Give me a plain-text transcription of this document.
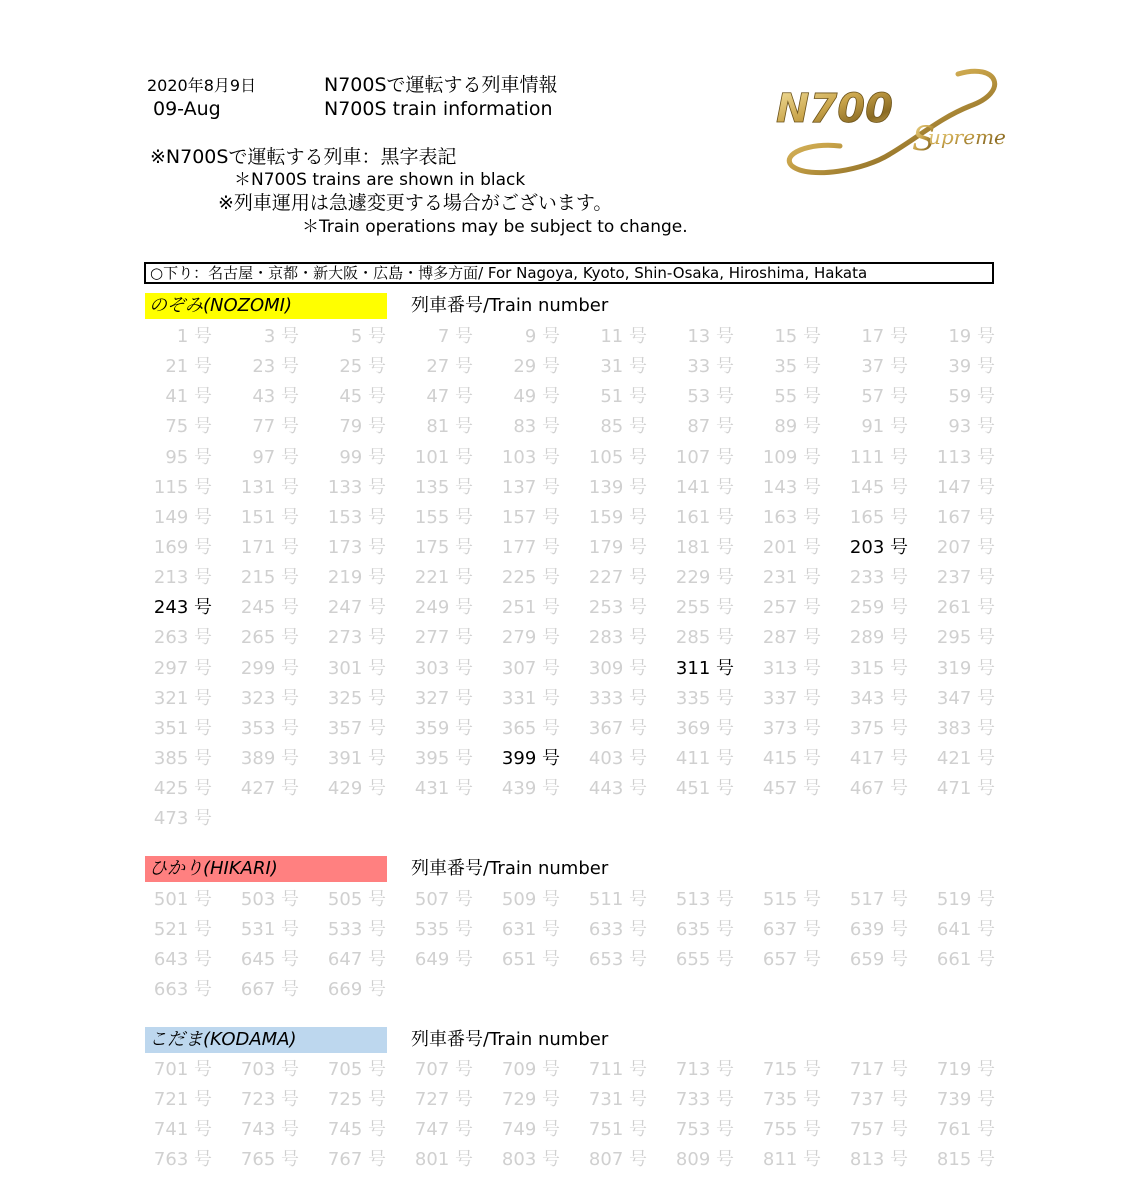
2020年8月9日
09-Aug
N700Sで運転する列車情報
N700S train information	N700
S
upreme
※N700Sで運転する列車：黒字表記
＊N700S trains are shown in black
※列車運用は急遽変更する場合がございます。
＊Train operations may be subject to change.
○下り：名古屋・京都・新大阪・広島・博多方面/ For Nagoya, Kyoto, Shin-Osaka, Hiroshima, Hakata
のぞみ(NOZOMI)	列車番号/Train number
1 号	3 号	5 号	7 号	9 号	11 号	13 号	15 号	17 号	19 号
21 号	23 号	25 号	27 号	29 号	31 号	33 号	35 号	37 号	39 号
41 号	43 号	45 号	47 号	49 号	51 号	53 号	55 号	57 号	59 号
75 号	77 号	79 号	81 号	83 号	85 号	87 号	89 号	91 号	93 号
95 号	97 号	99 号	101 号	103 号	105 号	107 号	109 号	111 号	113 号
115 号	131 号	133 号	135 号	137 号	139 号	141 号	143 号	145 号	147 号
149 号	151 号	153 号	155 号	157 号	159 号	161 号	163 号	165 号	167 号
169 号	171 号	173 号	175 号	177 号	179 号	181 号	201 号	203 号	207 号
213 号	215 号	219 号	221 号	225 号	227 号	229 号	231 号	233 号	237 号
243 号	245 号	247 号	249 号	251 号	253 号	255 号	257 号	259 号	261 号
263 号	265 号	273 号	277 号	279 号	283 号	285 号	287 号	289 号	295 号
297 号	299 号	301 号	303 号	307 号	309 号	311 号	313 号	315 号	319 号
321 号	323 号	325 号	327 号	331 号	333 号	335 号	337 号	343 号	347 号
351 号	353 号	357 号	359 号	365 号	367 号	369 号	373 号	375 号	383 号
385 号	389 号	391 号	395 号	399 号	403 号	411 号	415 号	417 号	421 号
425 号	427 号	429 号	431 号	439 号	443 号	451 号	457 号	467 号	471 号
473 号
ひかり(HIKARI)	列車番号/Train number
501 号	503 号	505 号	507 号	509 号	511 号	513 号	515 号	517 号	519 号
521 号	531 号	533 号	535 号	631 号	633 号	635 号	637 号	639 号	641 号
643 号	645 号	647 号	649 号	651 号	653 号	655 号	657 号	659 号	661 号
663 号	667 号	669 号
こだま(KODAMA)	列車番号/Train number
701 号	703 号	705 号	707 号	709 号	711 号	713 号	715 号	717 号	719 号
721 号	723 号	725 号	727 号	729 号	731 号	733 号	735 号	737 号	739 号
741 号	743 号	745 号	747 号	749 号	751 号	753 号	755 号	757 号	761 号
763 号	765 号	767 号	801 号	803 号	807 号	809 号	811 号	813 号	815 号
